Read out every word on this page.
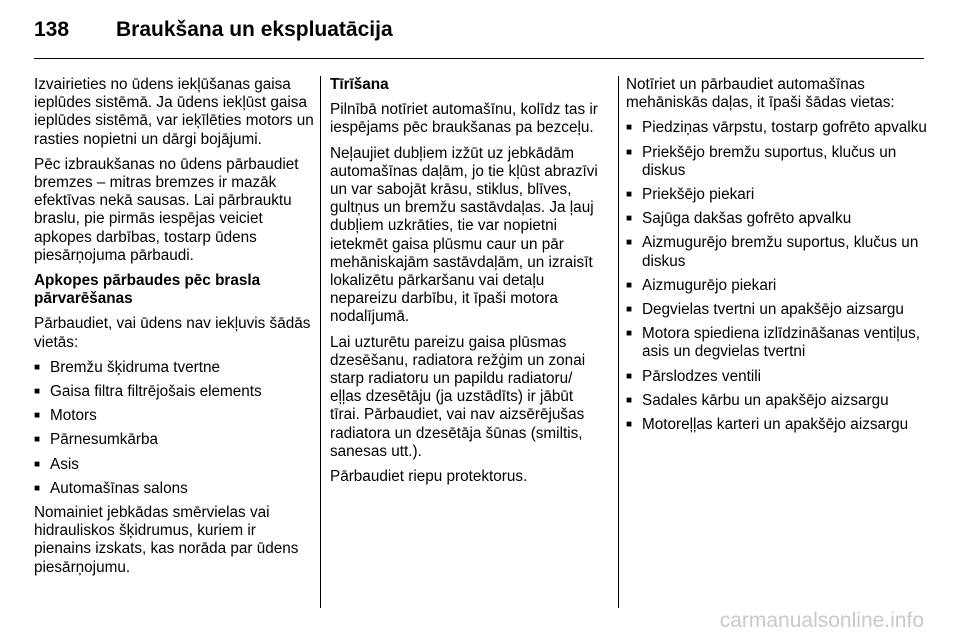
138	Braukšana un ekspluatācija

Izvairieties no ūdens iekļūšanas gaisa ieplūdes sistēmā. Ja ūdens iekļūst gaisa ieplūdes sistēmā, var ieķīlēties motors un rasties nopietni un dārgi bojājumi.

Pēc izbraukšanas no ūdens pārbaudiet bremzes – mitras bremzes ir mazāk efektīvas nekā sausas. Lai pārbrauktu braslu, pie pirmās iespējas veiciet apkopes darbības, tostarp ūdens piesārņojuma pārbaudi.

Apkopes pārbaudes pēc brasla pārvarēšanas

Pārbaudiet, vai ūdens nav iekļuvis šādās vietās:

■ Bremžu šķidruma tvertne
■ Gaisa filtra filtrējošais elements
■ Motors
■ Pārnesumkārba
■ Asis
■ Automašīnas salons

Nomainiet jebkādas smērvielas vai hidrauliskos šķidrumus, kuriem ir pienains izskats, kas norāda par ūdens piesārņojumu.

Tīrīšana

Pilnībā notīriet automašīnu, kolīdz tas ir iespējams pēc braukšanas pa bezceļu.

Neļaujiet dubļiem izžūt uz jebkādām automašīnas daļām, jo tie kļūst abrazīvi un var sabojāt krāsu, stiklus, blīves, gultņus un bremžu sastāvdaļas. Ja ļauj dubļiem uzkrāties, tie var nopietni ietekmēt gaisa plūsmu caur un pār mehāniskajām sastāvdaļām, un izraisīt lokalizētu pārkaršanu vai detaļu nepareizu darbību, it īpaši motora nodalījumā.

Lai uzturētu pareizu gaisa plūsmas dzesēšanu, radiatora režģim un zonai starp radiatoru un papildu radiatoru/ eļļas dzesētāju (ja uzstādīts) ir jābūt tīrai. Pārbaudiet, vai nav aizsērējušas radiatora un dzesētāja šūnas (smiltis, sanesas utt.).

Pārbaudiet riepu protektorus.

Notīriet un pārbaudiet automašīnas mehāniskās daļas, it īpaši šādas vietas:

■ Piedziņas vārpstu, tostarp gofrēto apvalku
■ Priekšējo bremžu suportus, klučus un diskus
■ Priekšējo piekari
■ Sajūga dakšas gofrēto apvalku
■ Aizmugurējo bremžu suportus, klučus un diskus
■ Aizmugurējo piekari
■ Degvielas tvertni un apakšējo aizsargu
■ Motora spiediena izlīdzināšanas ventiļus, asis un degvielas tvertni
■ Pārslodzes ventili
■ Sadales kārbu un apakšējo aizsargu
■ Motoreļļas karteri un apakšējo aizsargu
carmanualsonline.info
